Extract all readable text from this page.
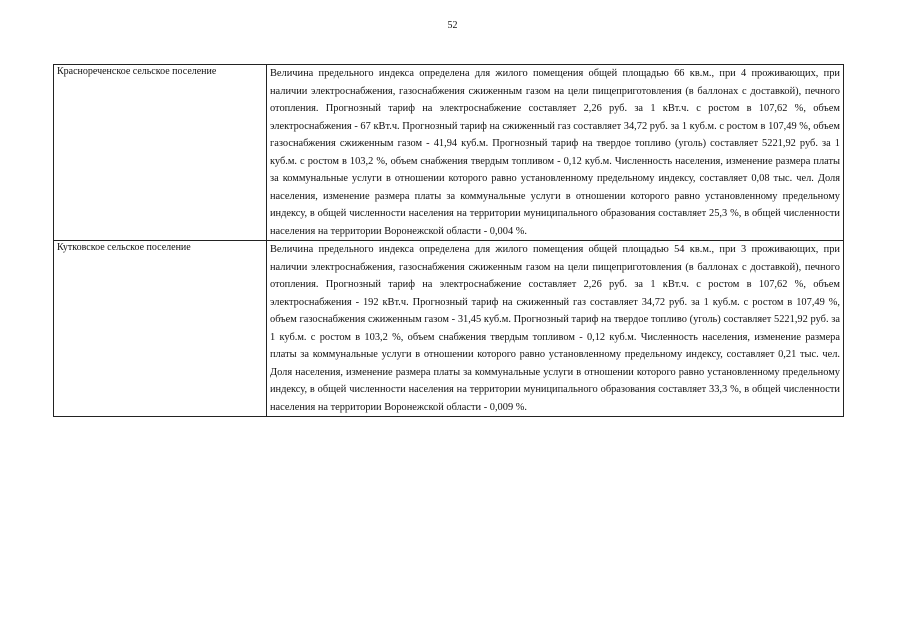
52
Краснореченское сельское поселение	Величина предельного индекса определена для жилого помещения общей площадью 66 кв.м., при 4 проживающих, при наличии электроснабжения, газоснабжения сжиженным газом на цели пищеприготовления (в баллонах с доставкой), печного отопления. Прогнозный тариф на электроснабжение составляет 2,26 руб. за 1 кВт.ч. с ростом в 107,62 %, объем электроснабжения - 67 кВт.ч. Прогнозный тариф на сжиженный газ составляет 34,72 руб. за 1 куб.м. с ростом в 107,49 %, объем газоснабжения сжиженным газом - 41,94 куб.м. Прогнозный тариф на твердое топливо (уголь) составляет 5221,92 руб. за 1 куб.м. с ростом в 103,2 %, объем снабжения твердым топливом - 0,12 куб.м. Численность населения, изменение размера платы за коммунальные услуги в отношении которого равно установленному предельному индексу, составляет 0,08 тыс. чел. Доля населения, изменение размера платы за коммунальные услуги в отношении которого равно установленному предельному индексу, в общей численности населения на территории муниципального образования составляет 25,3 %, в общей численности населения на территории Воронежской области - 0,004 %.
Кутковское сельское поселение	Величина предельного индекса определена для жилого помещения общей площадью 54 кв.м., при 3 проживающих, при наличии электроснабжения, газоснабжения сжиженным газом на цели пищеприготовления (в баллонах с доставкой), печного отопления. Прогнозный тариф на электроснабжение составляет 2,26 руб. за 1 кВт.ч. с ростом в 107,62 %, объем электроснабжения - 192 кВт.ч. Прогнозный тариф на сжиженный газ составляет 34,72 руб. за 1 куб.м. с ростом в 107,49 %, объем газоснабжения сжиженным газом - 31,45 куб.м. Прогнозный тариф на твердое топливо (уголь) составляет 5221,92 руб. за 1 куб.м. с ростом в 103,2 %, объем снабжения твердым топливом - 0,12 куб.м. Численность населения, изменение размера платы за коммунальные услуги в отношении которого равно установленному предельному индексу, составляет 0,21 тыс. чел. Доля населения, изменение размера платы за коммунальные услуги в отношении которого равно установленному предельному индексу, в общей численности населения на территории муниципального образования составляет 33,3 %, в общей численности населения на территории Воронежской области - 0,009 %.
